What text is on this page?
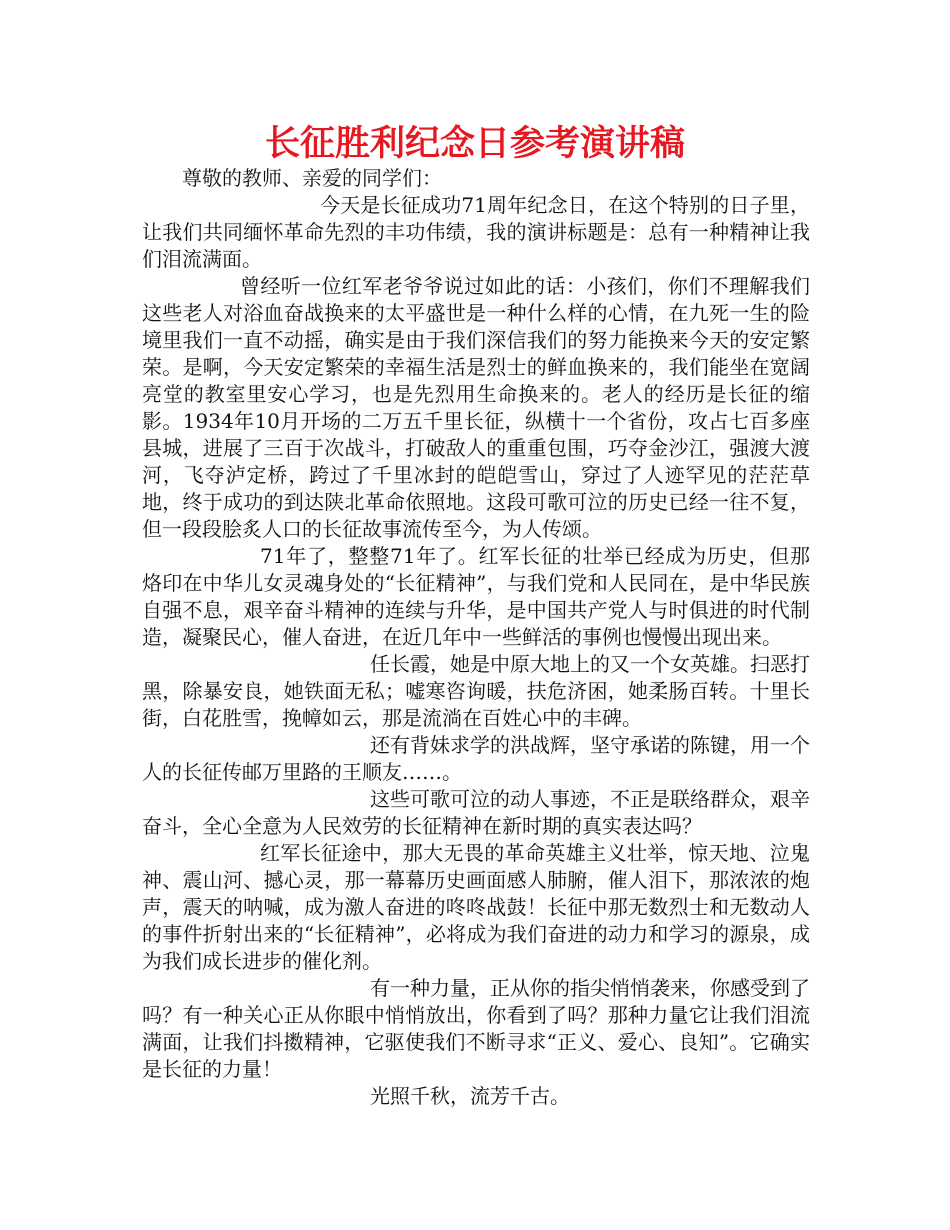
长征胜利纪念日参考演讲稿

尊敬的教师、亲爱的同学们：

今天是长征成功71周年纪念日，在这个特别的日子里，让我们共同缅怀革命先烈的丰功伟绩，我的演讲标题是：总有一种精神让我们泪流满面。

曾经听一位红军老爷爷说过如此的话：小孩们，你们不理解我们这些老人对浴血奋战换来的太平盛世是一种什么样的心情，在九死一生的险境里我们一直不动摇，确实是由于我们深信我们的努力能换来今天的安定繁荣。是啊，今天安定繁荣的幸福生活是烈士的鲜血换来的，我们能坐在宽阔亮堂的教室里安心学习，也是先烈用生命换来的。老人的经历是长征的缩影。1934年10月开场的二万五千里长征，纵横十一个省份，攻占七百多座县城，进展了三百于次战斗，打破敌人的重重包围，巧夺金沙江，强渡大渡河，飞夺泸定桥，跨过了千里冰封的皑皑雪山，穿过了人迹罕见的茫茫草地，终于成功的到达陕北革命依照地。这段可歌可泣的历史已经一往不复，但一段段脍炙人口的长征故事流传至今，为人传颂。

71年了，整整71年了。红军长征的壮举已经成为历史，但那烙印在中华儿女灵魂身处的“长征精神”，与我们党和人民同在，是中华民族自强不息，艰辛奋斗精神的连续与升华，是中国共产党人与时俱进的时代制造，凝聚民心，催人奋进，在近几年中一些鲜活的事例也慢慢出现出来。

任长霞，她是中原大地上的又一个女英雄。扫恶打黑，除暴安良，她铁面无私；嘘寒咨询暖，扶危济困，她柔肠百转。十里长街，白花胜雪，挽幛如云，那是流淌在百姓心中的丰碑。

还有背妹求学的洪战辉，坚守承诺的陈键，用一个人的长征传邮万里路的王顺友……。

这些可歌可泣的动人事迹，不正是联络群众，艰辛奋斗，全心全意为人民效劳的长征精神在新时期的真实表达吗？

红军长征途中，那大无畏的革命英雄主义壮举，惊天地、泣鬼神、震山河、撼心灵，那一幕幕历史画面感人肺腑，催人泪下，那浓浓的炮声，震天的呐喊，成为激人奋进的咚咚战鼓！长征中那无数烈士和无数动人的事件折射出来的“长征精神”，必将成为我们奋进的动力和学习的源泉，成为我们成长进步的催化剂。

有一种力量，正从你的指尖悄悄袭来，你感受到了吗？有一种关心正从你眼中悄悄放出，你看到了吗？那种力量它让我们泪流满面，让我们抖擞精神，它驱使我们不断寻求“正义、爱心、良知”。它确实是长征的力量！

光照千秋，流芳千古。
